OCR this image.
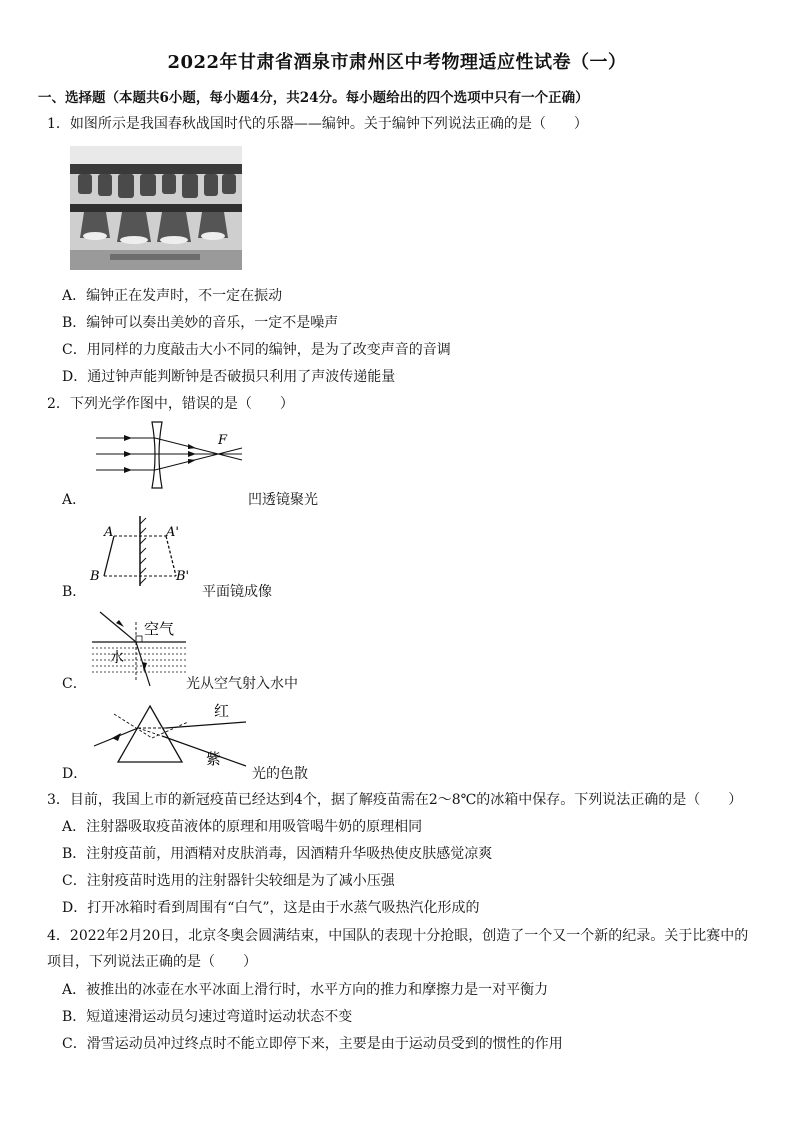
2022年甘肃省酒泉市肃州区中考物理适应性试卷（一）
一、选择题（本题共6小题，每小题4分，共24分。每小题给出的四个选项中只有一个正确）
1．如图所示是我国春秋战国时代的乐器——编钟。关于编钟下列说法正确的是（　　）
A．编钟正在发声时，不一定在振动
B．编钟可以奏出美妙的音乐，一定不是噪声
C．用同样的力度敲击大小不同的编钟，是为了改变声音的音调
D．通过钟声能判断钟是否破损只利用了声波传递能量
2．下列光学作图中，错误的是（　　）
F
A．	凹透镜聚光
A	A'
B	B'
B．	平面镜成像
空气
水
C．	光从空气射入水中
红
紫
D．	光的色散
3．目前，我国上市的新冠疫苗已经达到4个，据了解疫苗需在2～8℃的冰箱中保存。下列说法正确的是（　　）
A．注射器吸取疫苗液体的原理和用吸管喝牛奶的原理相同
B．注射疫苗前，用酒精对皮肤消毒，因酒精升华吸热使皮肤感觉凉爽
C．注射疫苗时选用的注射器针尖较细是为了减小压强
D．打开冰箱时看到周围有“白气”，这是由于水蒸气吸热汽化形成的
4．2022年2月20日，北京冬奥会圆满结束，中国队的表现十分抢眼，创造了一个又一个新的纪录。关于比赛中的
项目，下列说法正确的是（　　）
A．被推出的冰壶在水平冰面上滑行时，水平方向的推力和摩擦力是一对平衡力
B．短道速滑运动员匀速过弯道时运动状态不变
C．滑雪运动员冲过终点时不能立即停下来，主要是由于运动员受到的惯性的作用
